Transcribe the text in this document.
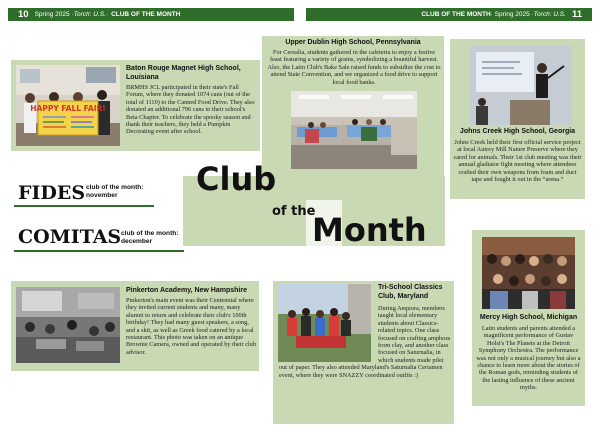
10 Spring 2025 · Torch: U.S. · CLUB OF THE MONTH	CLUB OF THE MONTH · Spring 2025 · Torch: U.S. 11
HAPPY FALL FAIR!
Baton Rouge Magnet High School, Louisiana
BRMHS JCL participated in their state's Fall Forum, where they donated 1074 cans (out of the total of 1110) to the Canned Food Drive. They also donated an additional 796 cans to their school's Beta Chapter. To celebrate the spooky season and thank their teachers, they held a Pumpkin Decorating event after school.
Upper Dublin High School, Pennsylvania
For Cerealia, students gathered in the cafeteria to enjoy a festive feast featuring a variety of grains, symbolizing a bountiful harvest. Also, the Latin Club's Bake Sale raised funds to subsidize the cost to attend State Convention, and we organized a food drive to support local food banks.
Johns Creek High School, Georgia
Johns Creek held their first official service project at local Autrey Mill Nature Preserve where they cared for animals. Their 1st club meeting was their annual gladiator fight meeting where attendees crafted their own weapons from foam and duct tape and fought it out in the “arena.”
Club
of the
Month
FIDES club of the month:
november
COMITAS club of the month:
december
Pinkerton Academy, New Hampshire
Pinkerton's main event was their Centennial where they invited current students and many, many alumni to return and celebrate their club's 100th birthday! They had many guest speakers, a song, and a skit, as well as Greek food catered by a local restaurant. This photo was taken on an antique Brownie Camera, owned and operated by their club advisor.
Tri-School Classics Club, Maryland
During Aequora, members taught local elementary students about Classics-related topics. One class focused on crafting amphora from clay, and another class focused on Saturnalia, in which students made pilei out of paper. They also attended Maryland's Saturnalia Certamen event, where they were SNAZZY coordinated outfits :)
Mercy High School, Michigan
Latin students and parents attended a magnificent performance of Gustav Holst's The Planets at the Detroit Symphony Orchestra. The performance was not only a musical journey but also a chance to learn more about the stories of the Roman gods, reminding students of the lasting influence of these ancient myths.
